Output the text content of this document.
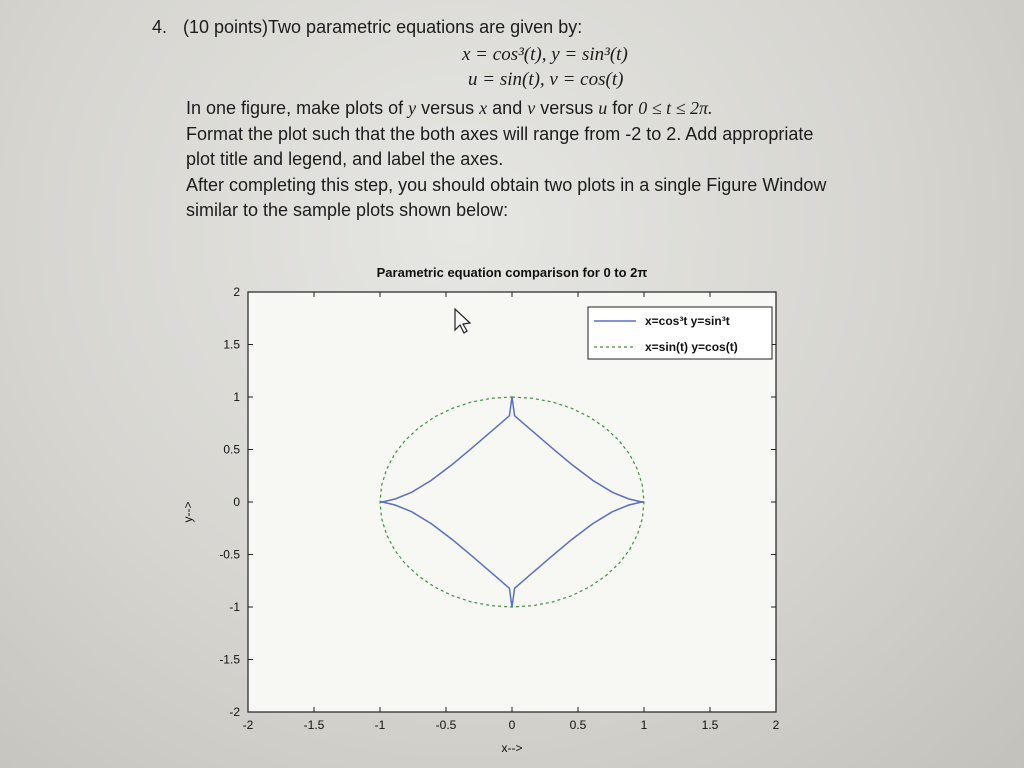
4. (10 points)Two parametric equations are given by:
x = cos³(t), y = sin³(t)
u = sin(t), v = cos(t)
In one figure, make plots of y versus x and v versus u for 0 ≤ t ≤ 2π.
Format the plot such that the both axes will range from -2 to 2. Add appropriate
plot title and legend, and label the axes.
After completing this step, you should obtain two plots in a single Figure Window
similar to the sample plots shown below:
-2	-1.5	-1	-0.5	0	0.5	1	1.5	2
-2
-1.5
-1
-0.5
0
0.5
1
1.5
2
Parametric equation comparison for 0 to 2π
x-->
y-->
x=cos³t y=sin³t
x=sin(t) y=cos(t)
